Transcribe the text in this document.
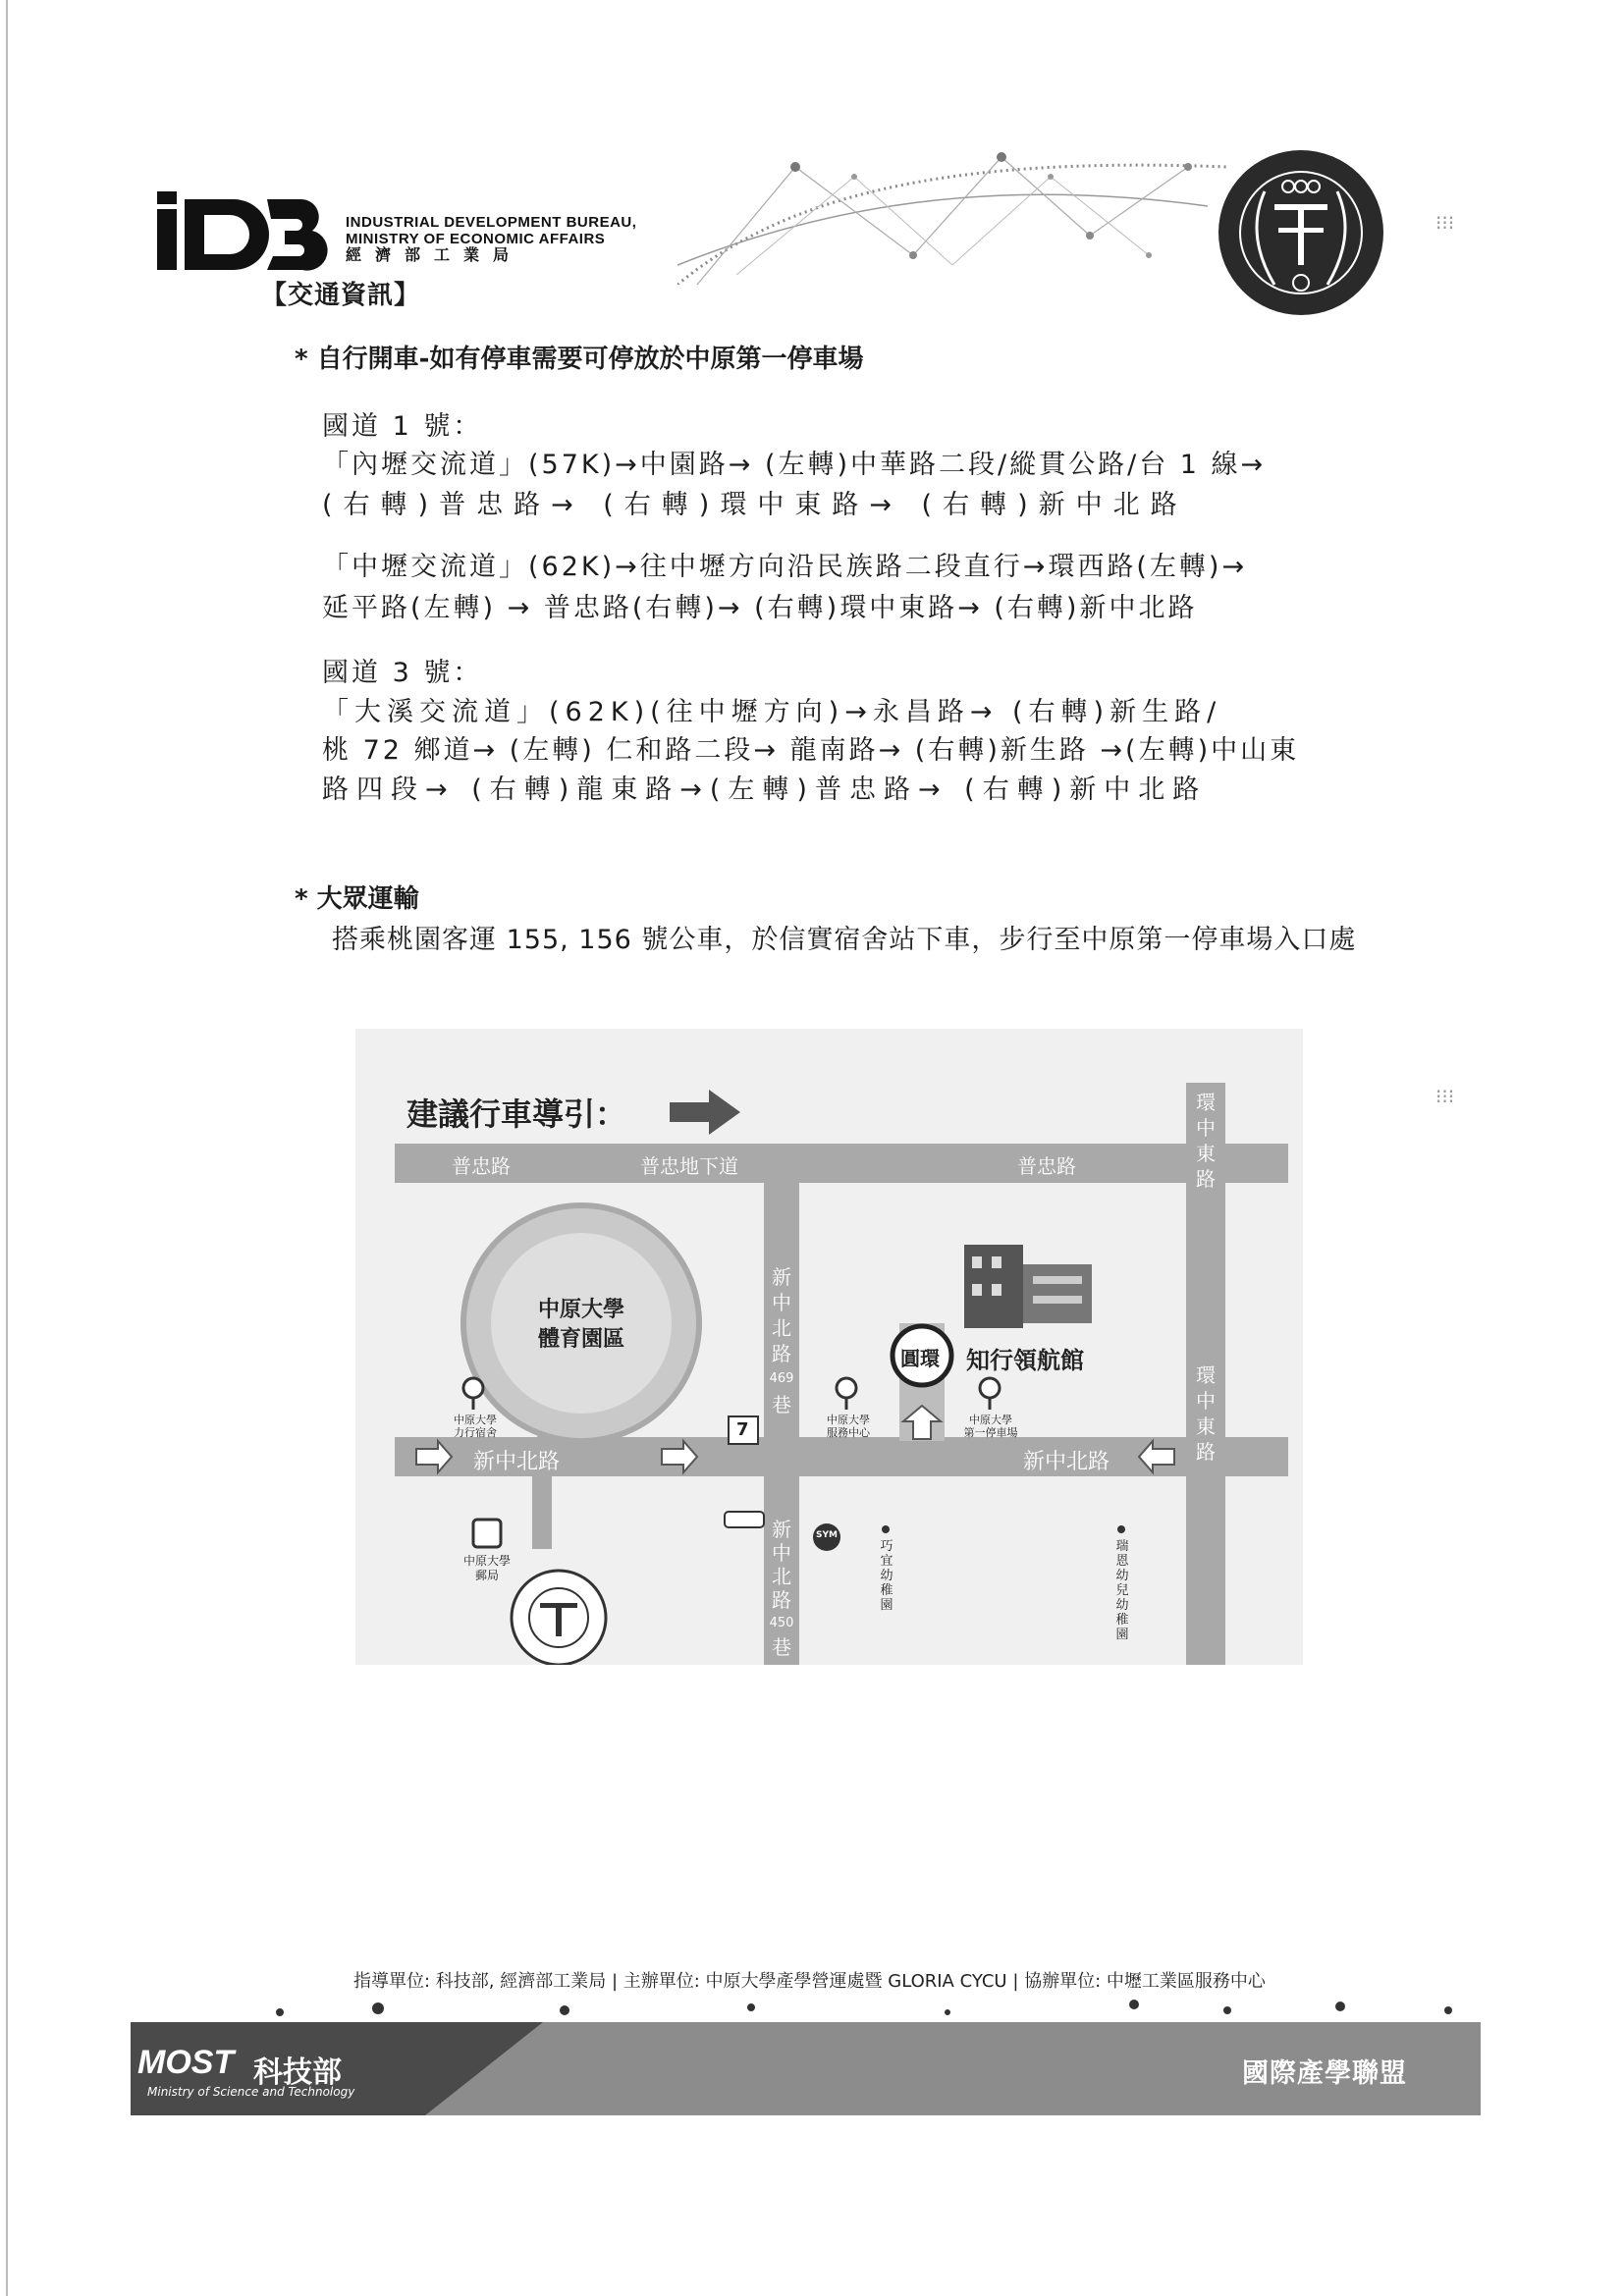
INDUSTRIAL DEVELOPMENT BUREAU,
MINISTRY OF ECONOMIC AFFAIRS
經濟部工業局
【交通資訊】
* 自行開車-如有停車需要可停放於中原第一停車場
國道 1 號：
「內壢交流道」(57K)→中園路→ (左轉)中華路二段/縱貫公路/台 1 線→
(右轉)普忠路→ (右轉)環中東路→ (右轉)新中北路
「中壢交流道」(62K)→往中壢方向沿民族路二段直行→環西路(左轉)→
延平路(左轉) → 普忠路(右轉)→ (右轉)環中東路→ (右轉)新中北路
國道 3 號：
「大溪交流道」(62K)(往中壢方向)→永昌路→ (右轉)新生路/
桃 72 鄉道→ (左轉) 仁和路二段→ 龍南路→ (右轉)新生路 →(左轉)中山東
路四段→ (右轉)龍東路→(左轉)普忠路→ (右轉)新中北路
* 大眾運輸
搭乘桃園客運 155, 156 號公車，於信實宿舍站下車，步行至中原第一停車場入口處
⁝⁝⁝
⁝⁝⁝
建議行車導引：
普忠路	普忠地下道	普忠路
環
中
東
路
環
中
東
路
新中北路	新中北路
新
中
北
路
469
巷
新
中
北
路
450
巷
中原大學
體育園區
圓環 知行領航館
中原大學
力行宿舍
中原大學
服務中心
中原大學
第一停車場
中原大學
郵局
巧
宜
幼
稚
園
瑞
恩
幼
兒
幼
稚
園
7
SYM
指導單位: 科技部, 經濟部工業局 | 主辦單位: 中原大學產學營運處暨 GLORIA CYCU | 協辦單位: 中壢工業區服務中心
MOST 科技部
Ministry of Science and Technology
國際產學聯盟
